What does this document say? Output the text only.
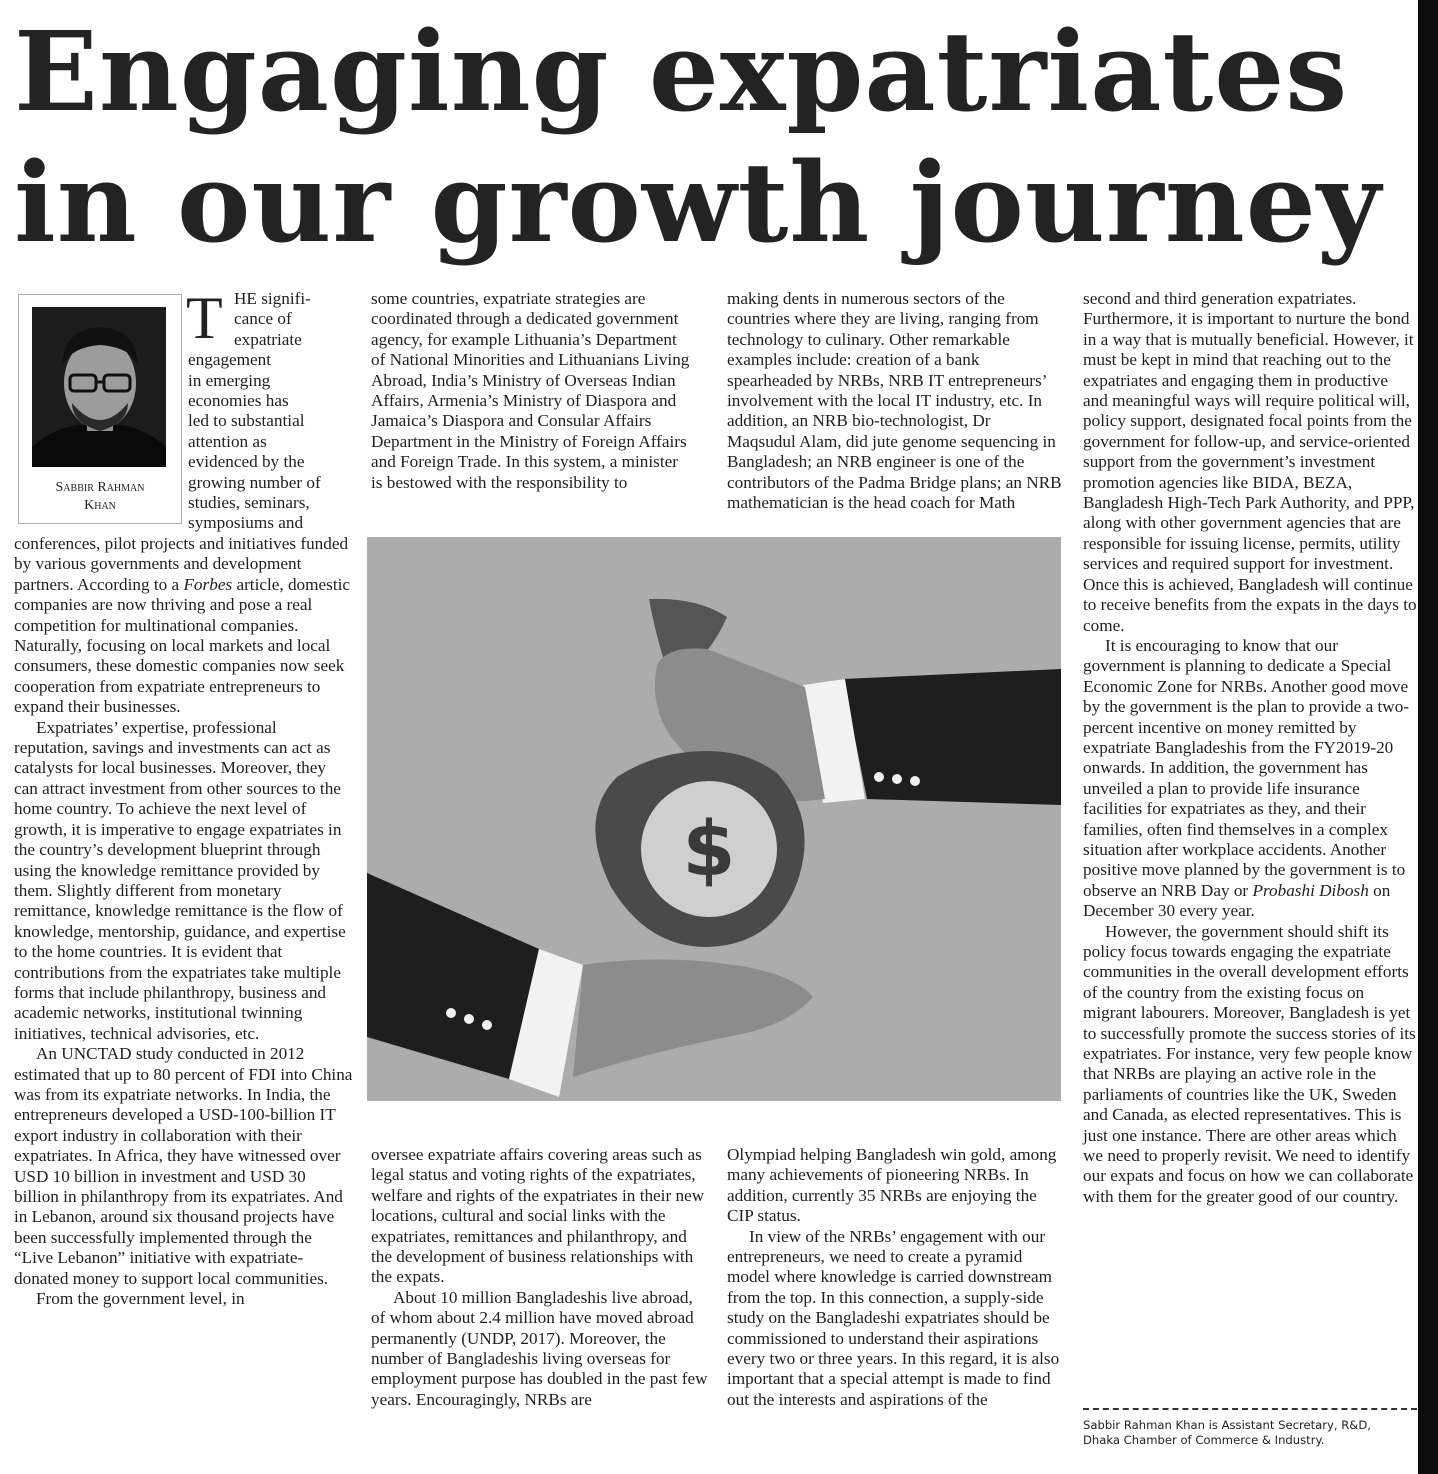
Engaging expatriates in our growth journey
Sabbir Rahman
Khan
T HE signifi-
cance of
expatriate
engagement
in emerging
economies has
led to substantial
attention as
evidenced by the
growing number of
studies, seminars,
symposiums and

conferences, pilot projects and initiatives funded by various governments and development partners. According to a Forbes article, domestic companies are now thriving and pose a real competition for multinational companies. Naturally, focusing on local markets and local consumers, these domestic companies now seek cooperation from expatriate entrepreneurs to expand their businesses.

Expatriates’ expertise, professional reputation, savings and investments can act as catalysts for local businesses. Moreover, they can attract investment from other sources to the home country. To achieve the next level of growth, it is imperative to engage expatriates in the country’s development blueprint through using the knowledge remittance provided by them. Slightly different from monetary remittance, knowledge remittance is the flow of knowledge, mentorship, guidance, and expertise to the home countries. It is evident that contributions from the expatriates take multiple forms that include philanthropy, business and academic networks, institutional twinning initiatives, technical advisories, etc.

An UNCTAD study conducted in 2012 estimated that up to 80 percent of FDI into China was from its expatriate networks. In India, the entrepreneurs developed a USD-100-billion IT export industry in collaboration with their expatriates. In Africa, they have witnessed over USD 10 billion in investment and USD 30 billion in philanthropy from its expatriates. And in Lebanon, around six thousand projects have been successfully implemented through the “Live Lebanon” initiative with expatriate-donated money to support local communities.

From the government level, in

some countries, expatriate strategies are coordinated through a dedicated government agency, for example Lithuania’s Department of National Minorities and Lithuanians Living Abroad, India’s Ministry of Overseas Indian Affairs, Armenia’s Ministry of Diaspora and Jamaica’s Diaspora and Consular Affairs Department in the Ministry of Foreign Affairs and Foreign Trade. In this system, a minister is bestowed with the responsibility to

oversee expatriate affairs covering areas such as legal status and voting rights of the expatriates, welfare and rights of the expatriates in their new locations, cultural and social links with the expatriates, remittances and philanthropy, and the development of business relationships with the expats.

About 10 million Bangladeshis live abroad, of whom about 2.4 million have moved abroad permanently (UNDP, 2017). Moreover, the number of Bangladeshis living overseas for employment purpose has doubled in the past few years. Encouragingly, NRBs are

making dents in numerous sectors of the countries where they are living, ranging from technology to culinary. Other remarkable examples include: creation of a bank spearheaded by NRBs, NRB IT entrepreneurs’ involvement with the local IT industry, etc. In addition, an NRB bio-technologist, Dr Maqsudul Alam, did jute genome sequencing in Bangladesh; an NRB engineer is one of the contributors of the Padma Bridge plans; an NRB mathematician is the head coach for Math

Olympiad helping Bangladesh win gold, among many achievements of pioneering NRBs. In addition, currently 35 NRBs are enjoying the CIP status.

In view of the NRBs’ engagement with our entrepreneurs, we need to create a pyramid model where knowledge is carried downstream from the top. In this connection, a supply-side study on the Bangladeshi expatriates should be commissioned to understand their aspirations every two or three years. In this regard, it is also important that a special attempt is made to find out the interests and aspirations of the

second and third generation expatriates. Furthermore, it is important to nurture the bond in a way that is mutually beneficial. However, it must be kept in mind that reaching out to the expatriates and engaging them in productive and meaningful ways will require political will, policy support, designated focal points from the government for follow-up, and service-oriented support from the government’s investment promotion agencies like BIDA, BEZA, Bangladesh High-Tech Park Authority, and PPP, along with other government agencies that are responsible for issuing license, permits, utility services and required support for investment. Once this is achieved, Bangladesh will continue to receive benefits from the expats in the days to come.

It is encouraging to know that our government is planning to dedicate a Special Economic Zone for NRBs. Another good move by the government is the plan to provide a two-percent incentive on money remitted by expatriate Bangladeshis from the FY2019-20 onwards. In addition, the government has unveiled a plan to provide life insurance facilities for expatriates as they, and their families, often find themselves in a complex situation after workplace accidents. Another positive move planned by the government is to observe an NRB Day or Probashi Dibosh on December 30 every year.

However, the government should shift its policy focus towards engaging the expatriate communities in the overall development efforts of the country from the existing focus on migrant labourers. Moreover, Bangladesh is yet to successfully promote the success stories of its expatriates. For instance, very few people know that NRBs are playing an active role in the parliaments of countries like the UK, Sweden and Canada, as elected representatives. This is just one instance. There are other areas which we need to properly revisit. We need to identify our expats and focus on how we can collaborate with them for the greater good of our country.

$
Sabbir Rahman Khan is Assistant Secretary, R&D,
Dhaka Chamber of Commerce & Industry.
